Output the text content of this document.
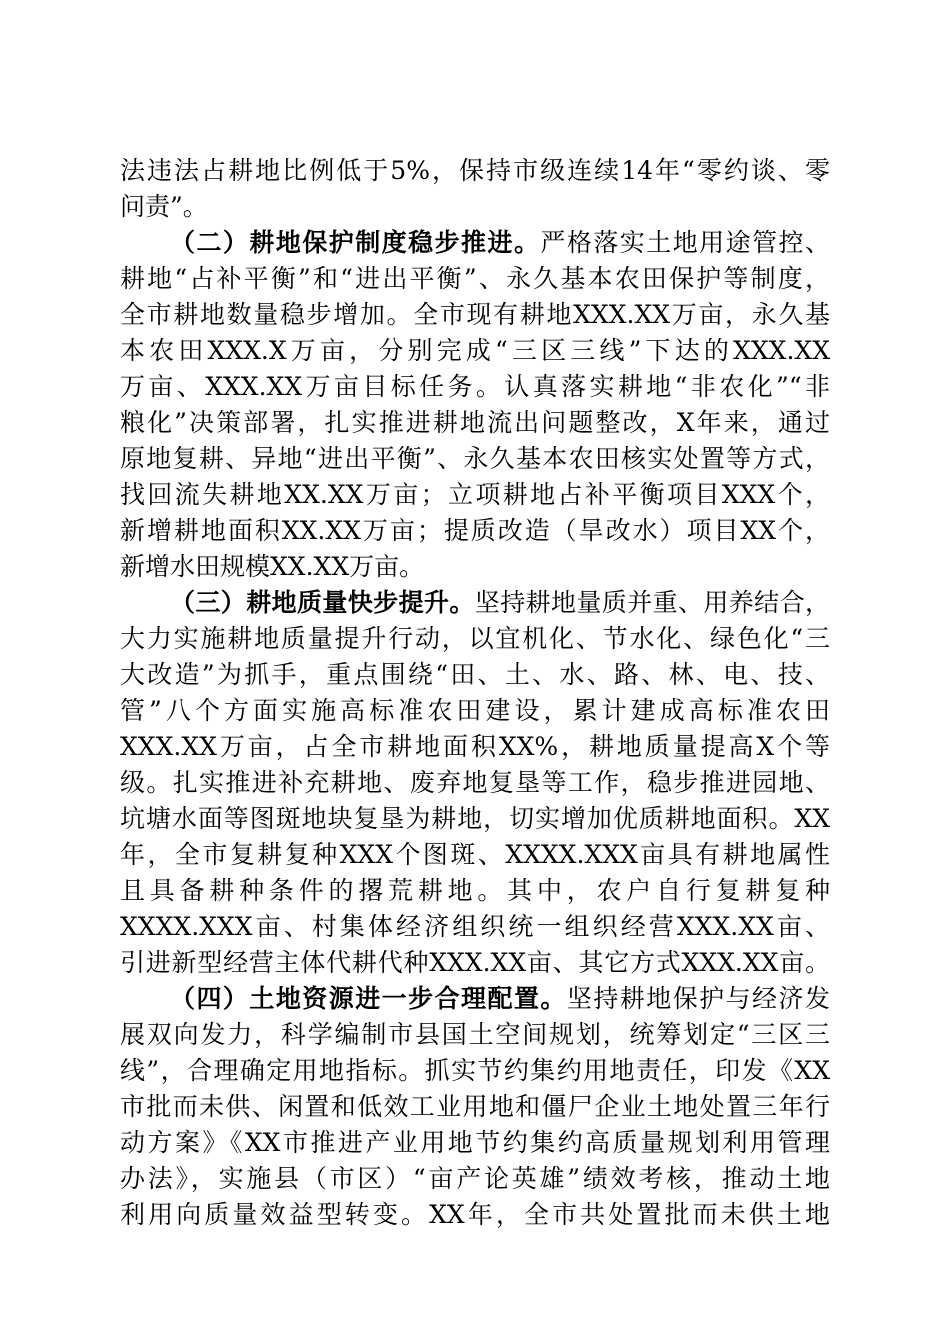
法违法占耕地比例低于5%，保持市级连续14年“零约谈、零
问责”。
（二）耕地保护制度稳步推进。严格落实土地用途管控、
耕地“占补平衡”和“进出平衡”、永久基本农田保护等制度，
全市耕地数量稳步增加。全市现有耕地XXX.XX万亩，永久基
本农田XXX.X万亩，分别完成“三区三线”下达的XXX.XX
万亩、XXX.XX万亩目标任务。认真落实耕地“非农化”“非
粮化”决策部署，扎实推进耕地流出问题整改，X年来，通过
原地复耕、异地“进出平衡”、永久基本农田核实处置等方式，
找回流失耕地XX.XX万亩；立项耕地占补平衡项目XXX个，
新增耕地面积XX.XX万亩；提质改造（旱改水）项目XX个，
新增水田规模XX.XX万亩。
（三）耕地质量快步提升。坚持耕地量质并重、用养结合，
大力实施耕地质量提升行动，以宜机化、节水化、绿色化“三
大改造”为抓手，重点围绕“田、土、水、路、林、电、技、
管”八个方面实施高标准农田建设，累计建成高标准农田
XXX.XX万亩，占全市耕地面积XX%，耕地质量提高X个等
级。扎实推进补充耕地、废弃地复垦等工作，稳步推进园地、
坑塘水面等图斑地块复垦为耕地，切实增加优质耕地面积。XX
年，全市复耕复种XXX个图斑、XXXX.XXX亩具有耕地属性
且具备耕种条件的撂荒耕地。其中，农户自行复耕复种
XXXX.XXX亩、村集体经济组织统一组织经营XXX.XX亩、
引进新型经营主体代耕代种XXX.XX亩、其它方式XXX.XX亩。
（四）土地资源进一步合理配置。坚持耕地保护与经济发
展双向发力，科学编制市县国土空间规划，统筹划定“三区三
线”，合理确定用地指标。抓实节约集约用地责任，印发《XX
市批而未供、闲置和低效工业用地和僵尸企业土地处置三年行
动方案》《XX市推进产业用地节约集约高质量规划利用管理
办法》，实施县（市区）“亩产论英雄”绩效考核，推动土地
利用向质量效益型转变。XX年，全市共处置批而未供土地
